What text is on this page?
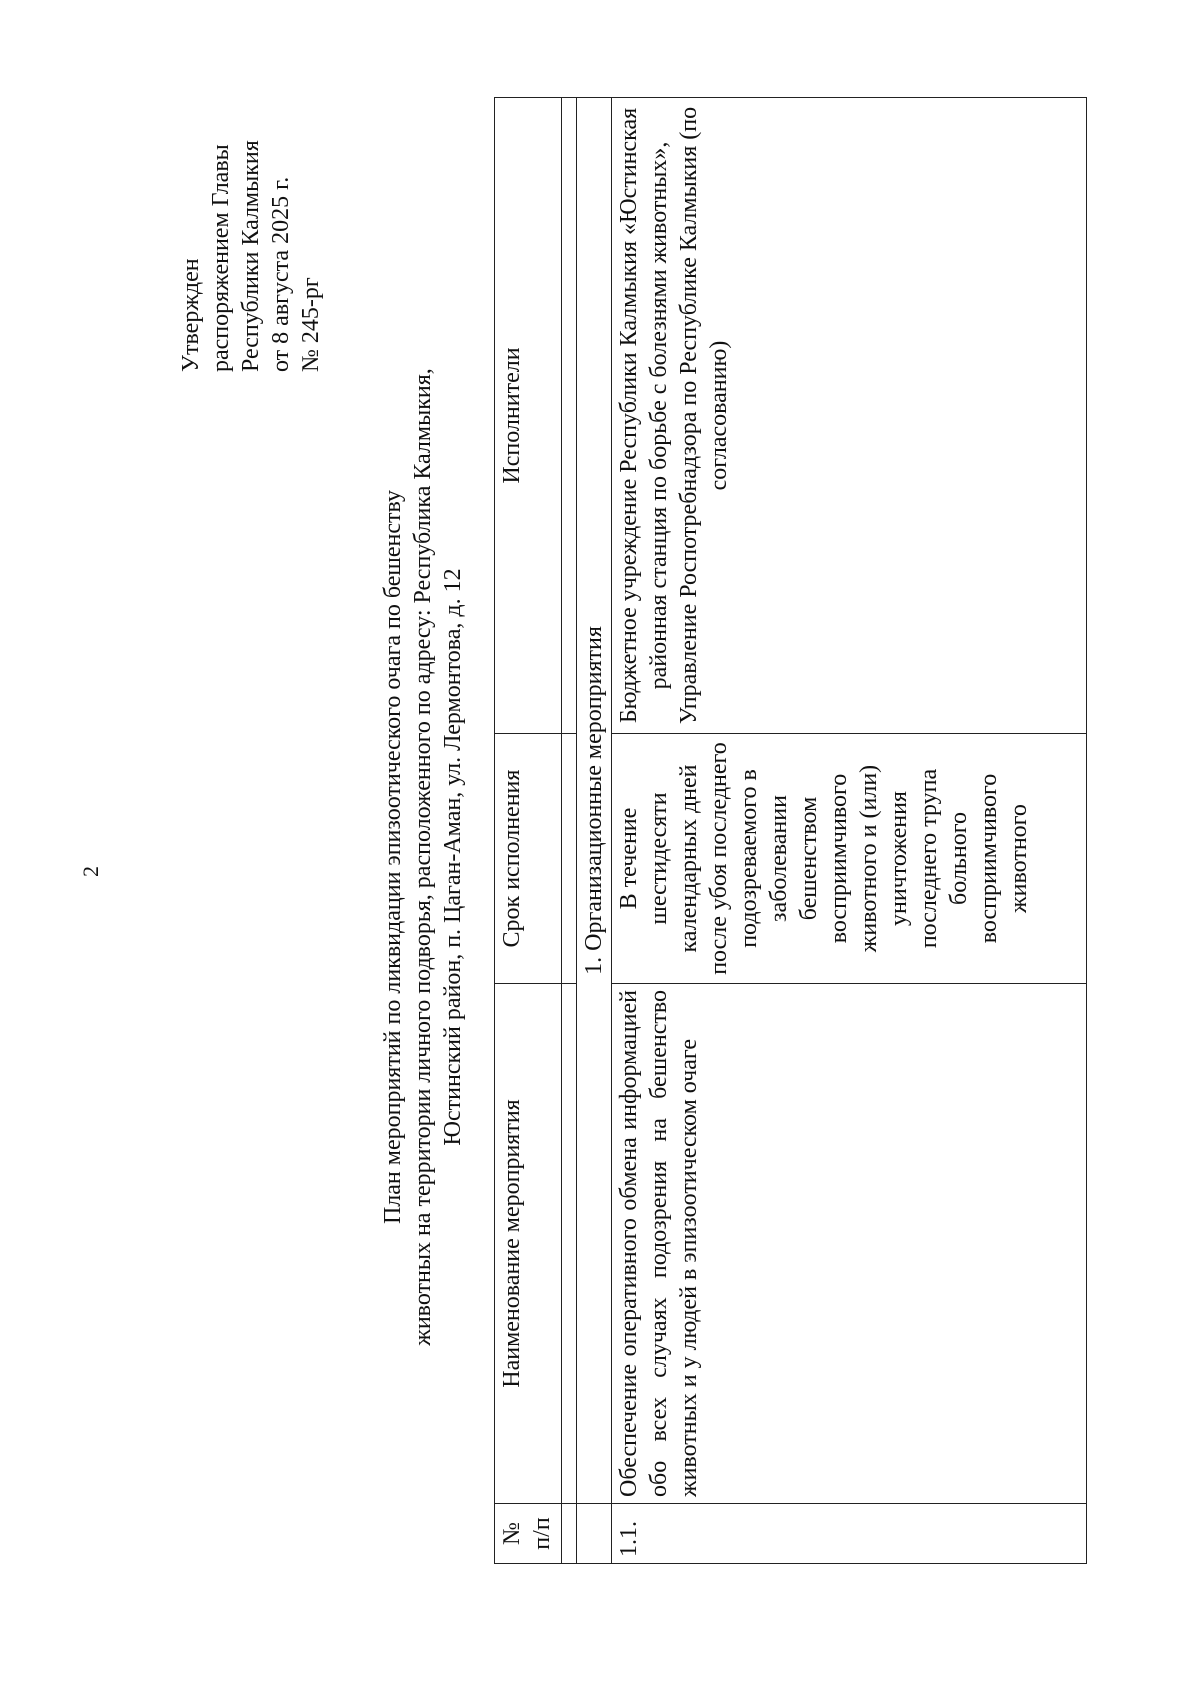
2
Утвержден распоряжением Главы Республики Калмыкия от 8 августа 2025 г. № 245-рг
План мероприятий по ликвидации эпизоотического очага по бешенству животных на территории личного подворья, расположенного по адресу: Республика Калмыкия, Юстинский район, п. Цаган-Аман, ул. Лермонтова, д. 12
№ п/п	Наименование мероприятия	Срок исполнения	Исполнители

	1. Организационные мероприятия		
1.1.	Обеспечение оперативного обмена информацией обо всех случаях подозрения на бешенство животных и у людей в эпизоотическом очаге	В течение шестидесяти календарных дней после убоя последнего подозреваемого в заболевании бешенством восприимчивого животного и (или) уничтожения последнего трупа больного восприимчивого животного	Бюджетное учреждение Республики Калмыкия «Юстинская районная станция по борьбе с болезнями животных», Управление Роспотребнадзора по Республике Калмыкия (по согласованию)
